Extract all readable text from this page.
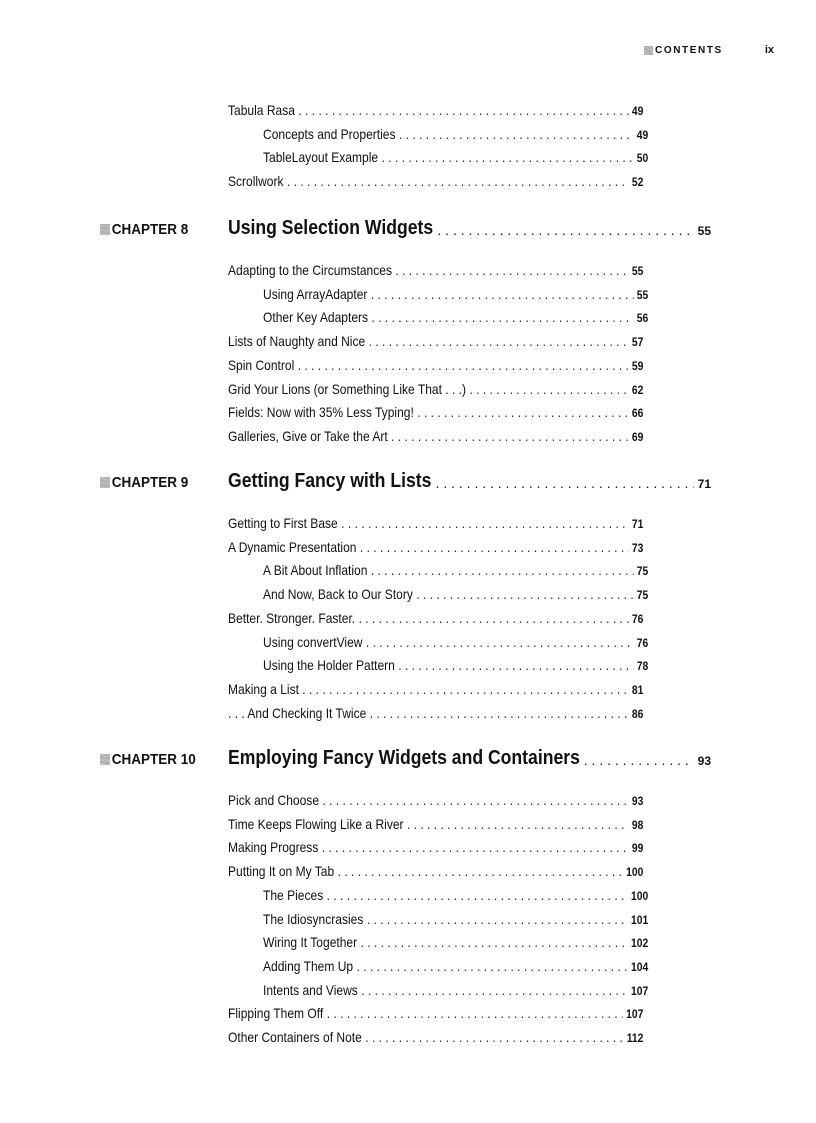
CONTENTS	ix
Tabula Rasa . . .	49
Concepts and Properties . . .	49
TableLayout Example . . .	50
Scrollwork . . .	52
CHAPTER 8 Using Selection Widgets . . .	55
Adapting to the Circumstances . . .	55
Using ArrayAdapter . . .	55
Other Key Adapters . . .	56
Lists of Naughty and Nice . . .	57
Spin Control . . .	59
Grid Your Lions (or Something Like That . . .) . . .	62
Fields: Now with 35% Less Typing! . . .	66
Galleries, Give or Take the Art . . .	69
CHAPTER 9 Getting Fancy with Lists . . .	71
Getting to First Base . . .	71
A Dynamic Presentation . . .	73
A Bit About Inflation . . .	75
And Now, Back to Our Story . . .	75
Better. Stronger. Faster. . . .	76
Using convertView . . .	76
Using the Holder Pattern . . .	78
Making a List . . . . . .	81
. . . And Checking It Twice . . .	86
CHAPTER 10 Employing Fancy Widgets and Containers . . .	93
Pick and Choose . . .	93
Time Keeps Flowing Like a River . . .	98
Making Progress . . .	99
Putting It on My Tab . . .	100
The Pieces . . .	100
The Idiosyncrasies . . .	101
Wiring It Together . . .	102
Adding Them Up . . .	104
Intents and Views . . .	107
Flipping Them Off . . .	107
Other Containers of Note . . .	112
